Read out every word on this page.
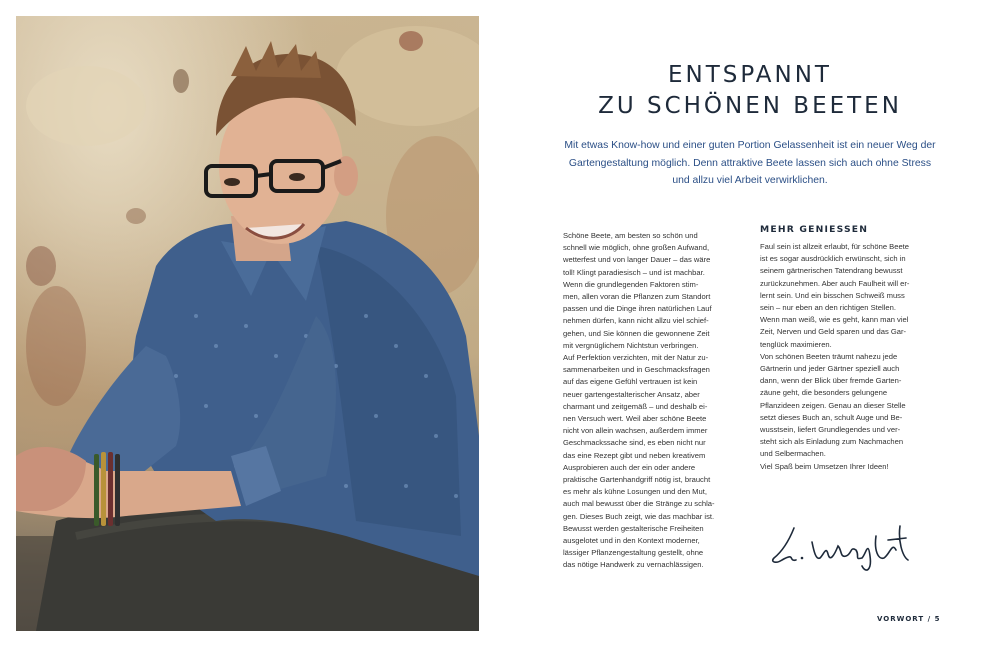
ENTSPANNT
ZU SCHÖNEN BEETEN
Mit etwas Know-how und einer guten Portion Gelassenheit ist ein neuer Weg der Gartengestaltung möglich. Denn attraktive Beete lassen sich auch ohne Stress und allzu viel Arbeit verwirklichen.
Schöne Beete, am besten so schön und
schnell wie möglich, ohne großen Aufwand,
wetterfest und von langer Dauer – das wäre
toll! Klingt paradiesisch – und ist machbar.
Wenn die grundlegenden Faktoren stim-
men, allen voran die Pflanzen zum Standort
passen und die Dinge ihren natürlichen Lauf
nehmen dürfen, kann nicht allzu viel schief-
gehen, und Sie können die gewonnene Zeit
mit vergnüglichem Nichtstun verbringen.
Auf Perfektion verzichten, mit der Natur zu-
sammenarbeiten und in Geschmacksfragen
auf das eigene Gefühl vertrauen ist kein
neuer gartengestalterischer Ansatz, aber
charmant und zeitgemäß – und deshalb ei-
nen Versuch wert. Weil aber schöne Beete
nicht von allein wachsen, außerdem immer
Geschmackssache sind, es eben nicht nur
das eine Rezept gibt und neben kreativem
Ausprobieren auch der ein oder andere
praktische Gartenhandgriff nötig ist, braucht
es mehr als kühne Losungen und den Mut,
auch mal bewusst über die Stränge zu schla-
gen. Dieses Buch zeigt, wie das machbar ist.
Bewusst werden gestalterische Freiheiten
ausgelotet und in den Kontext moderner,
lässiger Pflanzengestaltung gestellt, ohne
das nötige Handwerk zu vernachlässigen.
MEHR GENIESSEN
Faul sein ist allzeit erlaubt, für schöne Beete
ist es sogar ausdrücklich erwünscht, sich in
seinem gärtnerischen Tatendrang bewusst
zurückzunehmen. Aber auch Faulheit will er-
lernt sein. Und ein bisschen Schweiß muss
sein – nur eben an den richtigen Stellen.
Wenn man weiß, wie es geht, kann man viel
Zeit, Nerven und Geld sparen und das Gar-
tenglück maximieren.
Von schönen Beeten träumt nahezu jede
Gärtnerin und jeder Gärtner speziell auch
dann, wenn der Blick über fremde Garten-
zäune geht, die besonders gelungene
Pflanzideen zeigen. Genau an dieser Stelle
setzt dieses Buch an, schult Auge und Be-
wusstsein, liefert Grundlegendes und ver-
steht sich als Einladung zum Nachmachen
und Selbermachen.
Viel Spaß beim Umsetzen Ihrer Ideen!
VORWORT / 5
